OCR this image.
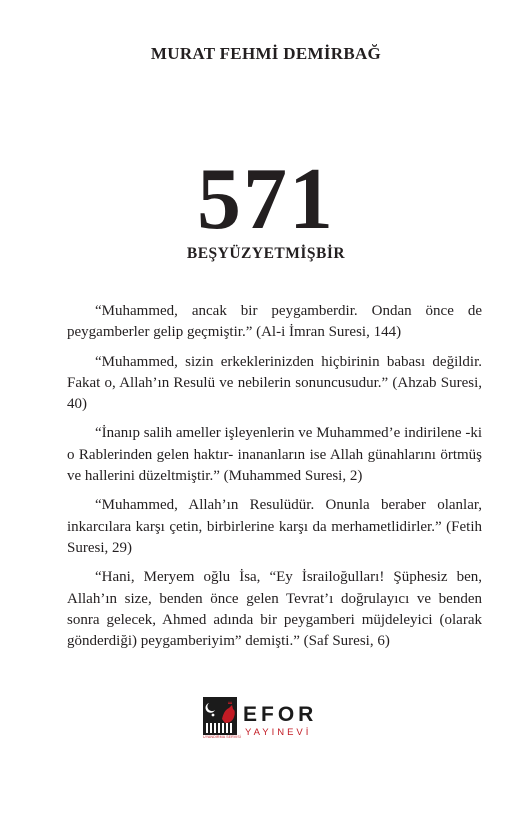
MURAT FEHMİ DEMİRBAĞ
571
BEŞYÜZYETMİŞBİR

“Muhammed, ancak bir peygamberdir. Ondan önce de peygamberler gelip geçmiştir.” (Al-i İmran Suresi, 144)

“Muhammed, sizin erkeklerinizden hiçbirinin babası değildir. Fakat o, Allah’ın Resulü ve nebilerin sonuncusudur.” (Ahzab Suresi, 40)

“İnanıp salih ameller işleyenlerin ve Muhammed’e indirilene -ki o Rablerinden gelen haktır- inananların ise Allah günahlarını örtmüş ve hallerini düzeltmiştir.” (Muhammed Suresi, 2)

“Muhammed, Allah’ın Resulüdür. Onunla beraber olanlar, inkarcılara karşı çetin, birbirlerine karşı da merhametlidirler.” (Fetih Suresi, 29)

“Hani, Meryem oğlu İsa, “Ey İsrailoğulları! Şüphesiz ben, Allah’ın size, benden önce gelen Tevrat’ı doğrulayıcı ve benden sonra gelecek, Ahmed adında bir peygamberi müjdeleyici (olarak gönderdiği) peygamberiyim” demişti.” (Saf Suresi, 6)

UYANDIRMA SERVİSİ
EFOR
YAYINEVİ
